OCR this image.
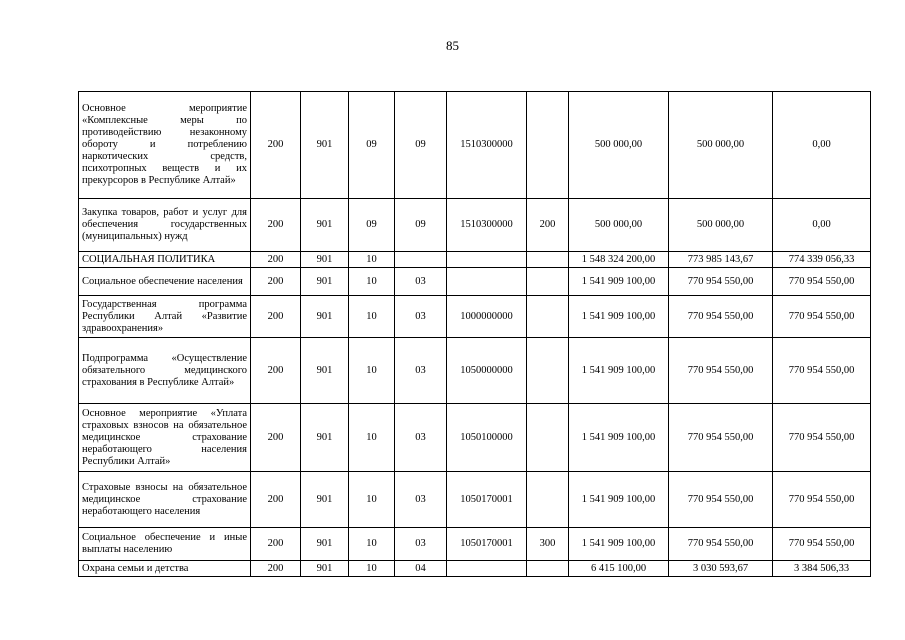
85
Основное мероприятие «Комплексные меры по противодействию незаконному обороту и потреблению наркотических средств, психотропных веществ и их прекурсоров в Республике Алтай»	200	901	09	09	1510300000		500 000,00	500 000,00	0,00
Закупка товаров, работ и услуг для обеспечения государственных (муниципальных) нужд	200	901	09	09	1510300000	200	500 000,00	500 000,00	0,00
СОЦИАЛЬНАЯ ПОЛИТИКА	200	901	10				1 548 324 200,00	773 985 143,67	774 339 056,33
Социальное обеспечение населения	200	901	10	03			1 541 909 100,00	770 954 550,00	770 954 550,00
Государственная программа Республики Алтай «Развитие здравоохранения»	200	901	10	03	1000000000		1 541 909 100,00	770 954 550,00	770 954 550,00
Подпрограмма «Осуществление обязательного медицинского страхования в Республике Алтай»	200	901	10	03	1050000000		1 541 909 100,00	770 954 550,00	770 954 550,00
Основное мероприятие «Уплата страховых взносов на обязательное медицинское страхование неработающего населения Республики Алтай»	200	901	10	03	1050100000		1 541 909 100,00	770 954 550,00	770 954 550,00
Страховые взносы на обязательное медицинское страхование неработающего населения	200	901	10	03	1050170001		1 541 909 100,00	770 954 550,00	770 954 550,00
Социальное обеспечение и иные выплаты населению	200	901	10	03	1050170001	300	1 541 909 100,00	770 954 550,00	770 954 550,00
Охрана семьи и детства	200	901	10	04			6 415 100,00	3 030 593,67	3 384 506,33
